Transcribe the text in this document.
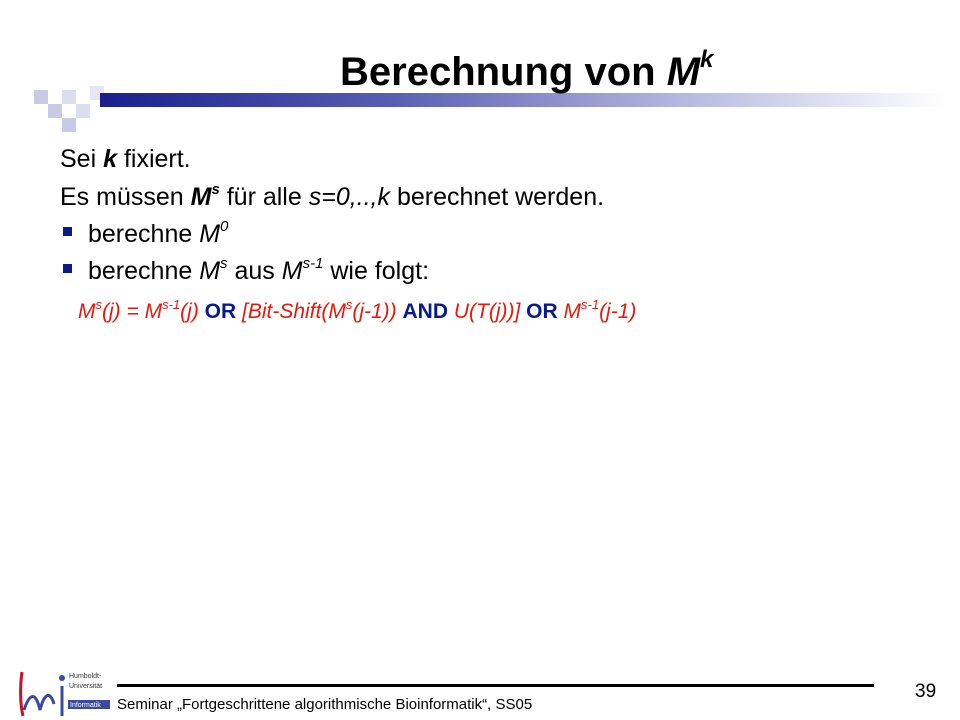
Berechnung von $M^k$
Sei k fixiert.
Es müssen $M^s$ für alle s=0,..,k berechnet werden.
berechne $M^0$
berechne $M^s$ aus $M^{s-1}$ wie folgt:
$M^s(j) = M^{s-1}(j)$ OR [$Bit-Shift(M^s(j-1))$ AND U(T(j))] OR $M^{s-1}(j-1)$
Seminar „Fortgeschrittene algorithmische Bioinformatik“, SS05
39
Humboldt-
Universität
Informatik
